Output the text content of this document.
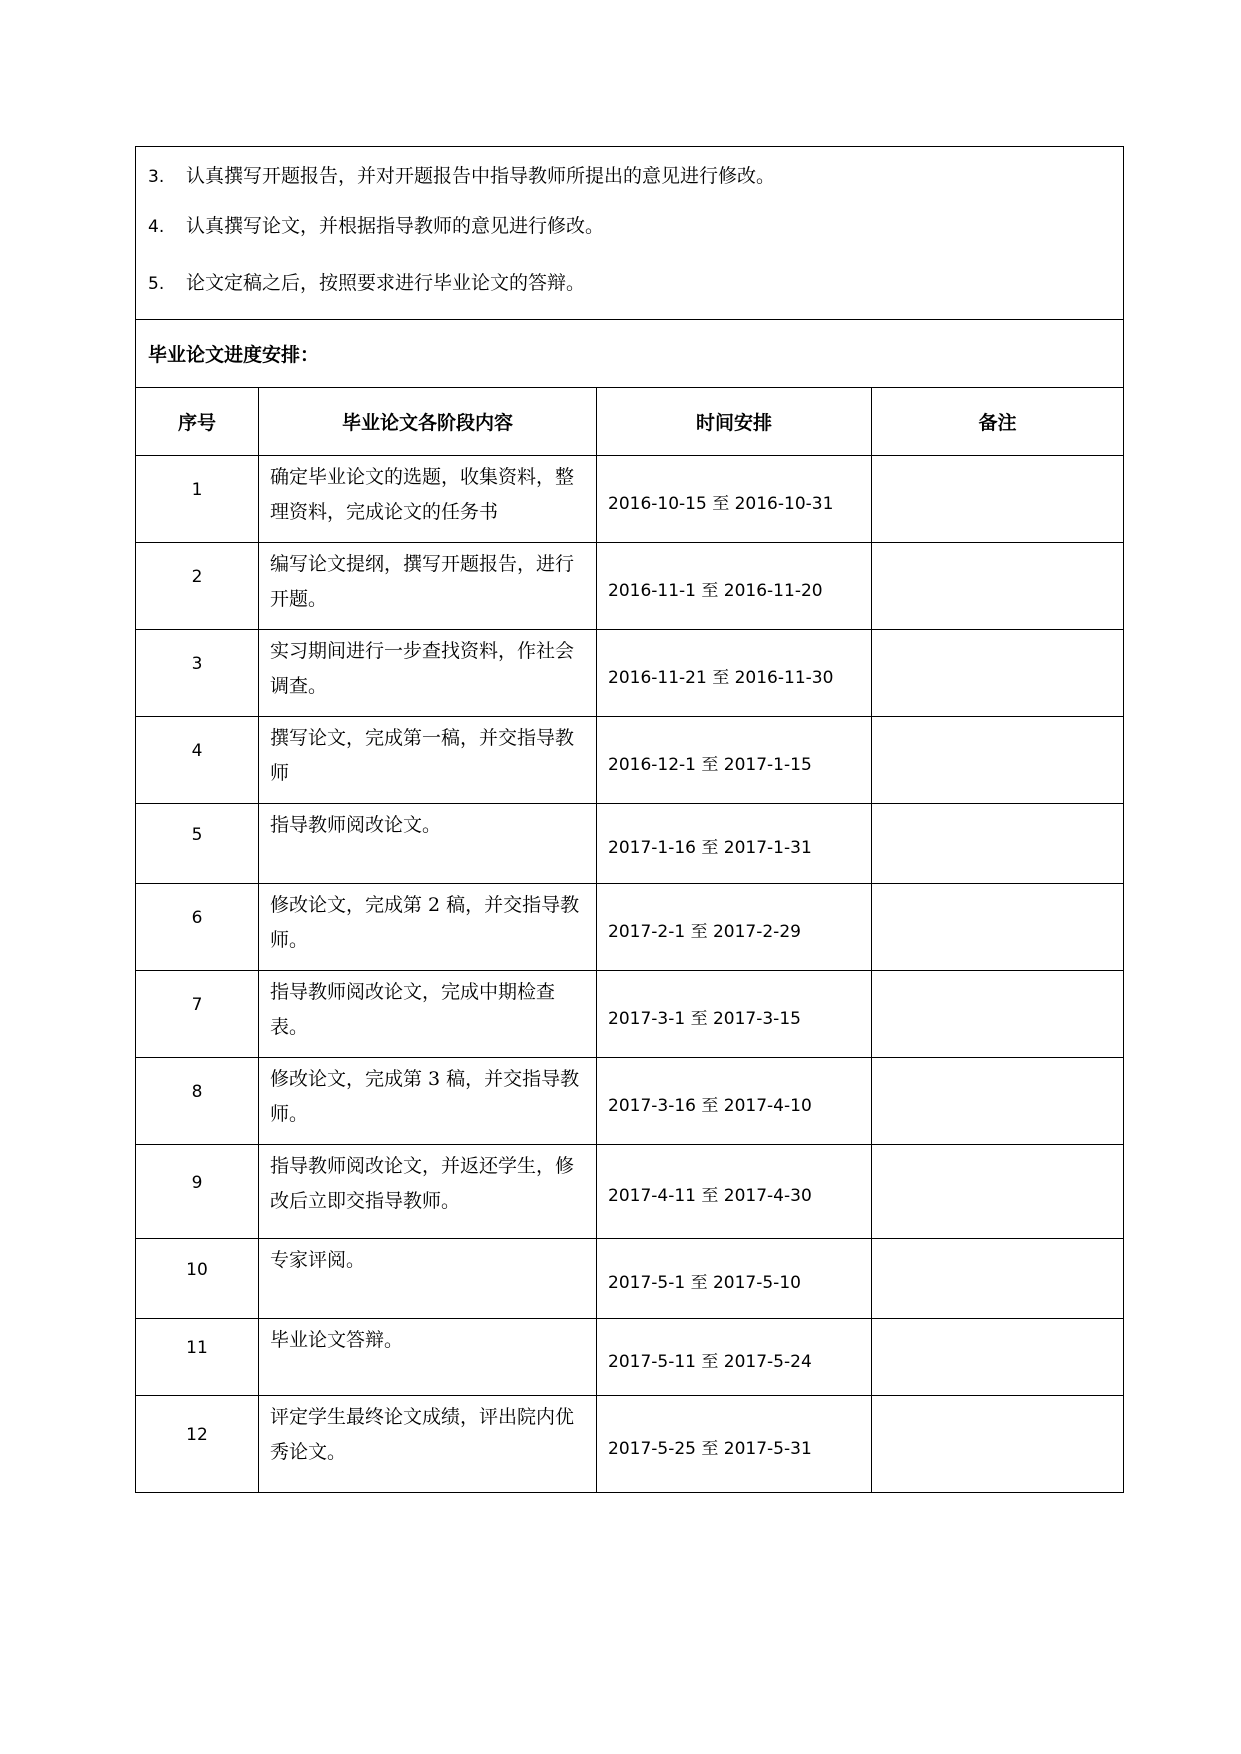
3. 认真撰写开题报告，并对开题报告中指导教师所提出的意见进行修改。
4. 认真撰写论文，并根据指导教师的意见进行修改。
5. 论文定稿之后，按照要求进行毕业论文的答辩。			

毕业论文进度安排：			
序号	毕业论文各阶段内容	时间安排	备注
1	确定毕业论文的选题，收集资料，整理资料，完成论文的任务书	2016-10-15 至 2016-10-31	
2	编写论文提纲，撰写开题报告，进行开题。	2016-11-1 至 2016-11-20	
3	实习期间进行一步查找资料，作社会调查。	2016-11-21 至 2016-11-30	
4	撰写论文，完成第一稿，并交指导教师	2016-12-1 至 2017-1-15	
5	指导教师阅改论文。	2017-1-16 至 2017-1-31	
6	修改论文，完成第 2 稿，并交指导教师。	2017-2-1 至 2017-2-29	
7	指导教师阅改论文，完成中期检查表。	2017-3-1 至 2017-3-15	
8	修改论文，完成第 3 稿，并交指导教师。	2017-3-16 至 2017-4-10	
9	指导教师阅改论文，并返还学生，修改后立即交指导教师。	2017-4-11 至 2017-4-30	
10	专家评阅。	2017-5-1 至 2017-5-10	
11	毕业论文答辩。	2017-5-11 至 2017-5-24	
12	评定学生最终论文成绩，评出院内优秀论文。	2017-5-25 至 2017-5-31	
